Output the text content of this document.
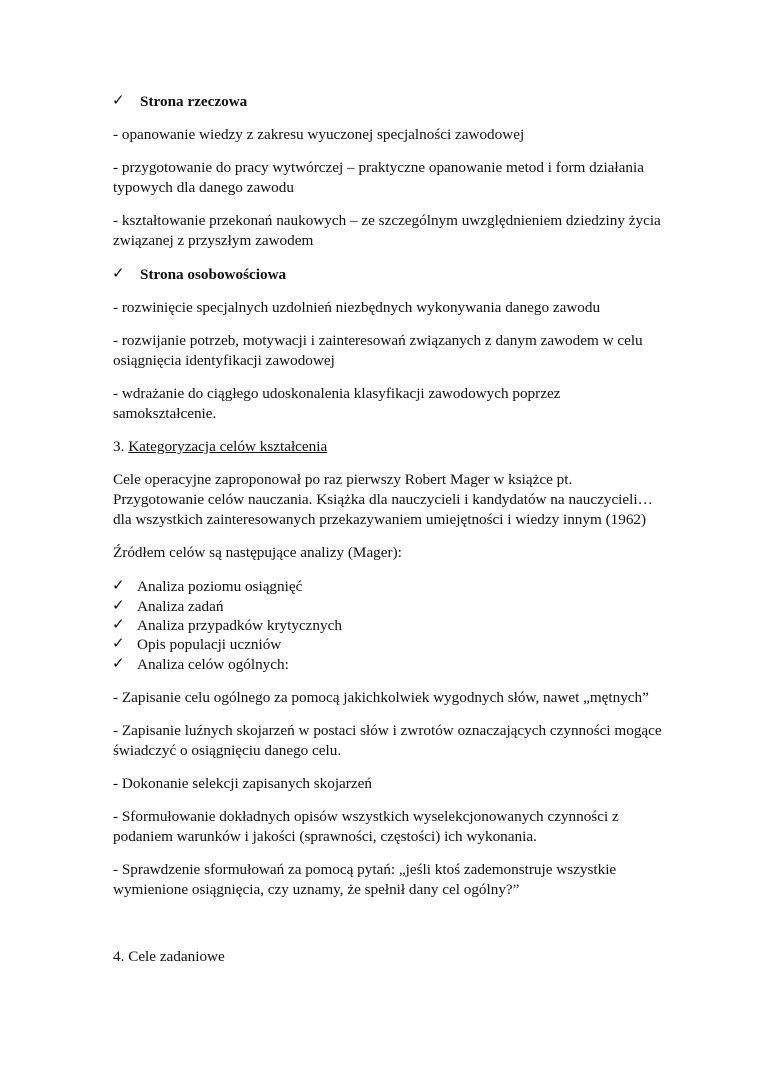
✓ Strona rzeczowa
- opanowanie wiedzy z zakresu wyuczonej specjalności zawodowej
- przygotowanie do pracy wytwórczej – praktyczne opanowanie metod i form działania
typowych dla danego zawodu
- kształtowanie przekonań naukowych – ze szczególnym uwzględnieniem dziedziny życia
związanej z przyszłym zawodem
✓ Strona osobowościowa
- rozwinięcie specjalnych uzdolnień niezbędnych wykonywania danego zawodu
- rozwijanie potrzeb, motywacji i zainteresowań związanych z danym zawodem w celu
osiągnięcia identyfikacji zawodowej
- wdrażanie do ciągłego udoskonalenia klasyfikacji zawodowych poprzez
samokształcenie.
3. Kategoryzacja celów kształcenia
Cele operacyjne zaproponował po raz pierwszy Robert Mager w książce pt.
Przygotowanie celów nauczania. Książka dla nauczycieli i kandydatów na nauczycieli…
dla wszystkich zainteresowanych przekazywaniem umiejętności i wiedzy innym (1962)
Źródłem celów są następujące analizy (Mager):
✓ Analiza poziomu osiągnięć
✓ Analiza zadań
✓ Analiza przypadków krytycznych
✓ Opis populacji uczniów
✓ Analiza celów ogólnych:
- Zapisanie celu ogólnego za pomocą jakichkolwiek wygodnych słów, nawet „mętnych”
- Zapisanie luźnych skojarzeń w postaci słów i zwrotów oznaczających czynności mogące
świadczyć o osiągnięciu danego celu.
- Dokonanie selekcji zapisanych skojarzeń
- Sformułowanie dokładnych opisów wszystkich wyselekcjonowanych czynności z
podaniem warunków i jakości (sprawności, częstości) ich wykonania.
- Sprawdzenie sformułowań za pomocą pytań: „jeśli ktoś zademonstruje wszystkie
wymienione osiągnięcia, czy uznamy, że spełnił dany cel ogólny?”
4. Cele zadaniowe
